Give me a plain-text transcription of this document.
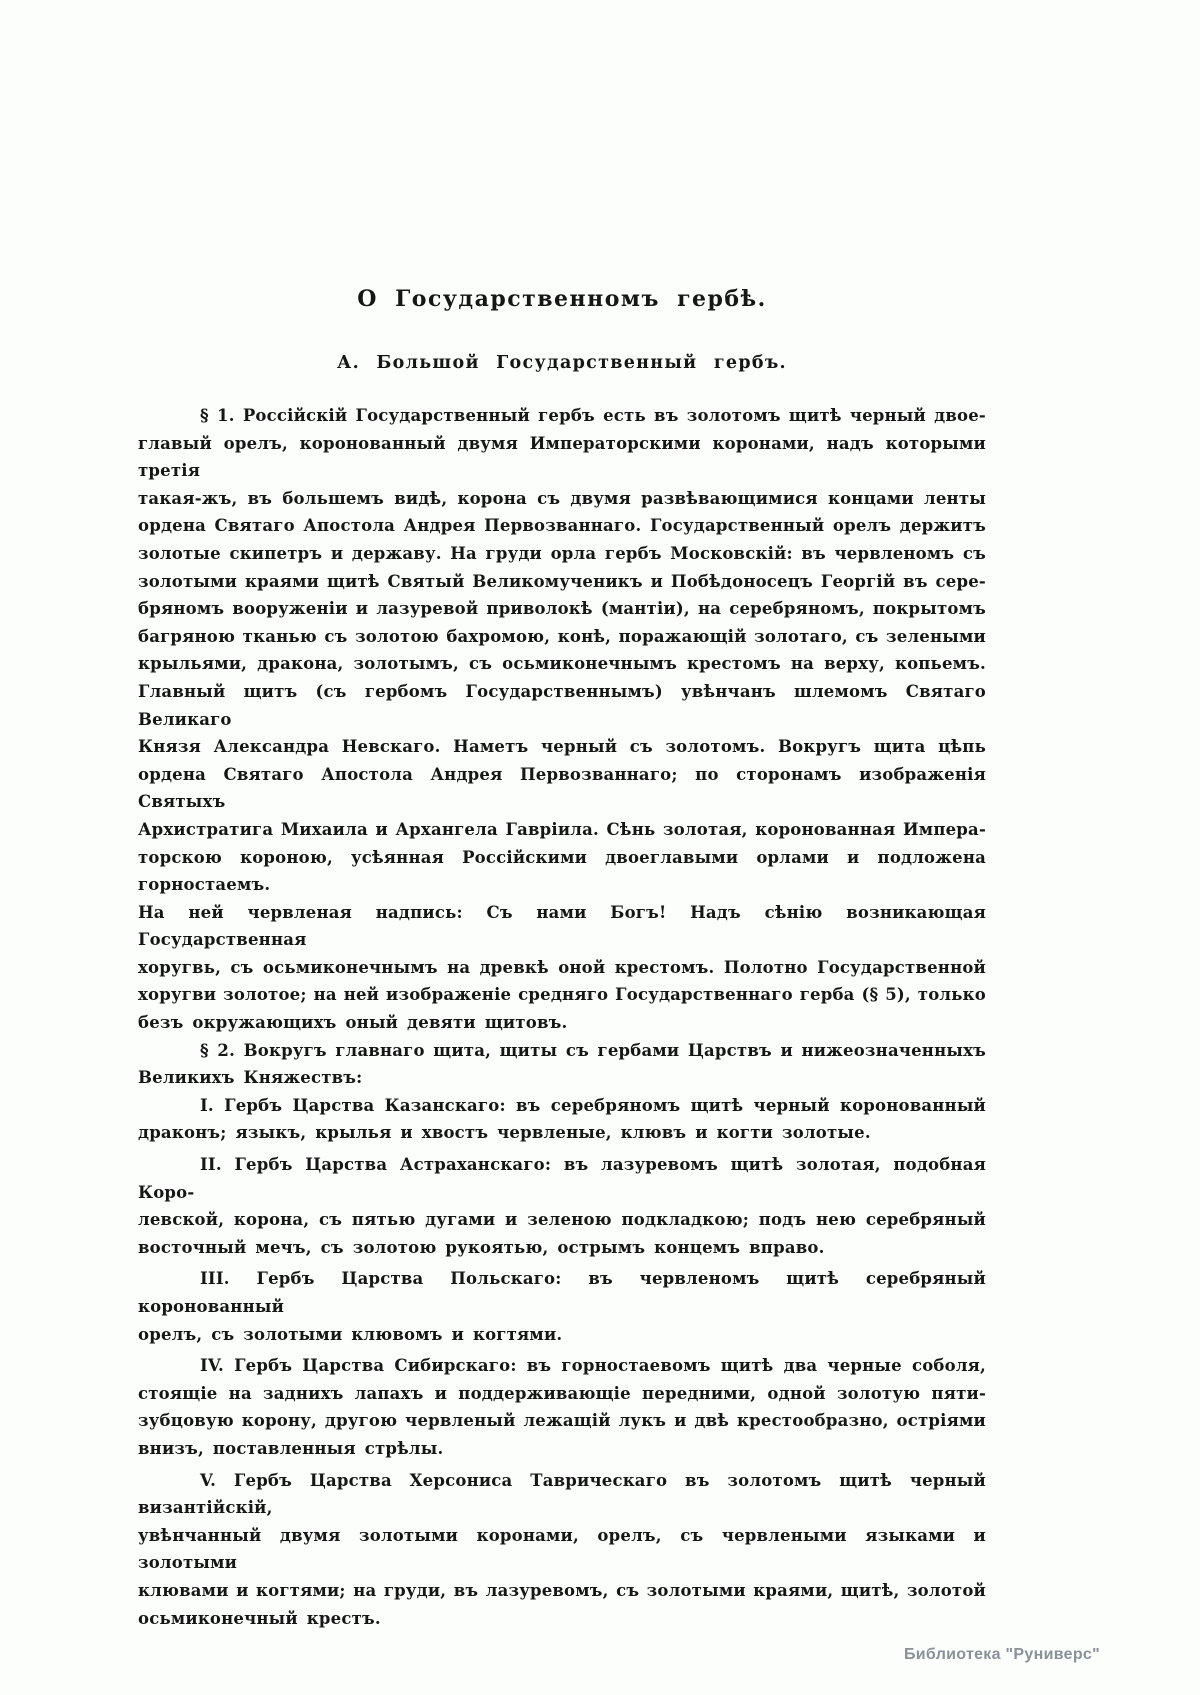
О Государственномъ гербѣ.
А. Большой Государственный гербъ.
§ 1. Россійскій Государственный гербъ есть въ золотомъ щитѣ черный двое-
главый орелъ, коронованный двумя Императорскими коронами, надъ которыми третія
такая-жъ, въ большемъ видѣ, корона съ двумя развѣвающимися концами ленты
ордена Святаго Апостола Андрея Первозваннаго. Государственный орелъ держитъ
золотые скипетръ и державу. На груди орла гербъ Московскій: въ червленомъ съ
золотыми краями щитѣ Святый Великомученикъ и Побѣдоносецъ Георгій въ сере-
бряномъ вооруженіи и лазуревой приволокѣ (мантіи), на серебряномъ, покрытомъ
багряною тканью съ золотою бахромою, конѣ, поражающій золотаго, съ зелеными
крыльями, дракона, золотымъ, съ осьмиконечнымъ крестомъ на верху, копьемъ.
Главный щитъ (съ гербомъ Государственнымъ) увѣнчанъ шлемомъ Святаго Великаго
Князя Александра Невскаго. Наметъ черный съ золотомъ. Вокругъ щита цѣпь
ордена Святаго Апостола Андрея Первозваннаго; по сторонамъ изображенія Святыхъ
Архистратига Михаила и Архангела Гавріила. Сѣнь золотая, коронованная Импера-
торскою короною, усѣянная Россійскими двоеглавыми орлами и подложена горностаемъ.
На ней червленая надпись: Съ нами Богъ! Надъ сѣнію возникающая Государственная
хоругвь, съ осьмиконечнымъ на древкѣ оной крестомъ. Полотно Государственной
хоругви золотое; на ней изображеніе средняго Государственнаго герба (§ 5), только
безъ окружающихъ оный девяти щитовъ.
§ 2. Вокругъ главнаго щита, щиты съ гербами Царствъ и нижеозначенныхъ
Великихъ Княжествъ:
I. Гербъ Царства Казанскаго: въ серебряномъ щитѣ черный коронованный
драконъ; языкъ, крылья и хвостъ червленые, клювъ и когти золотые.
II. Гербъ Царства Астраханскаго: въ лазуревомъ щитѣ золотая, подобная Коро-
левской, корона, съ пятью дугами и зеленою подкладкою; подъ нею серебряный
восточный мечъ, съ золотою рукоятью, острымъ концемъ вправо.
III. Гербъ Царства Польскаго: въ червленомъ щитѣ серебряный коронованный
орелъ, съ золотыми клювомъ и когтями.
IV. Гербъ Царства Сибирскаго: въ горностаевомъ щитѣ два черные соболя,
стоящіе на заднихъ лапахъ и поддерживающіе передними, одной золотую пяти-
зубцовую корону, другою червленый лежащій лукъ и двѣ крестообразно, остріями
внизъ, поставленныя стрѣлы.
V. Гербъ Царства Херсониса Таврическаго въ золотомъ щитѣ черный византійскій,
увѣнчанный двумя золотыми коронами, орелъ, съ червлеными языками и золотыми
клювами и когтями; на груди, въ лазуревомъ, съ золотыми краями, щитѣ, золотой
осьмиконечный крестъ.
Библиотека "Руниверс"
